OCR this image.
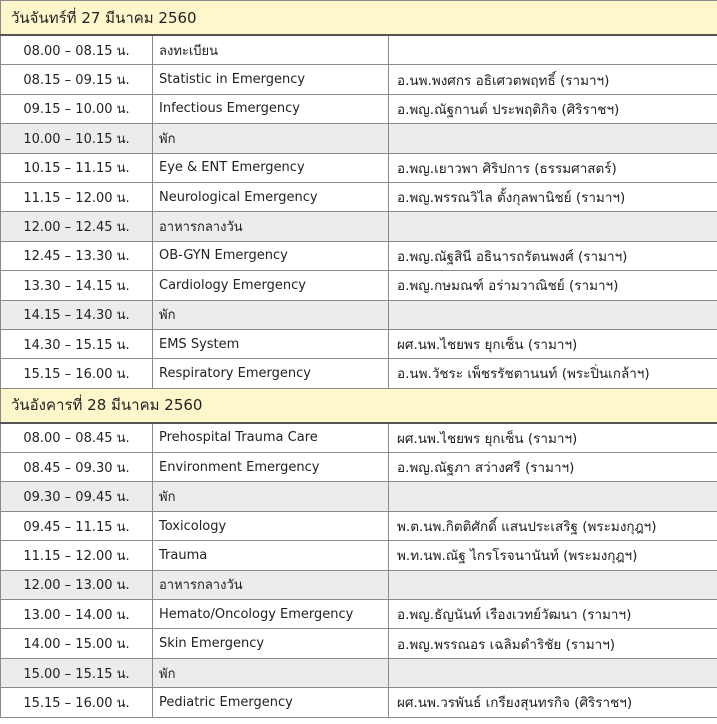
วันจันทร์ที่ 27 มีนาคม 2560		
08.00 – 08.15 น.	ลงทะเบียน	
08.15 – 09.15 น.	Statistic in Emergency	อ.นพ.พงศกร อธิเศวตพฤทธิ์ (รามาฯ)
09.15 – 10.00 น.	Infectious Emergency	อ.พญ.ณัฐกานต์ ประพฤติกิจ (ศิริราชฯ)
10.00 – 10.15 น.	พัก	
10.15 – 11.15 น.	Eye & ENT Emergency	อ.พญ.เยาวพา ศิริปการ (ธรรมศาสตร์)
11.15 – 12.00 น.	Neurological Emergency	อ.พญ.พรรณวิไล ตั้งกุลพานิชย์ (รามาฯ)
12.00 – 12.45 น.	อาหารกลางวัน	
12.45 – 13.30 น.	OB-GYN Emergency	อ.พญ.ณัฐสินี อธินารถรัตนพงศ์ (รามาฯ)
13.30 – 14.15 น.	Cardiology Emergency	อ.พญ.กษมณฑ์ อร่ามวาณิชย์ (รามาฯ)
14.15 – 14.30 น.	พัก	
14.30 – 15.15 น.	EMS System	ผศ.นพ.ไชยพร ยุกเซ็น (รามาฯ)
15.15 – 16.00 น.	Respiratory Emergency	อ.นพ.วัชระ เพ็ชรรัชตานนท์ (พระปิ่นเกล้าฯ)
วันอังคารที่ 28 มีนาคม 2560		
08.00 – 08.45 น.	Prehospital Trauma Care	ผศ.นพ.ไชยพร ยุกเซ็น (รามาฯ)
08.45 – 09.30 น.	Environment Emergency	อ.พญ.ณัฐภา สว่างศรี (รามาฯ)
09.30 – 09.45 น.	พัก	
09.45 – 11.15 น.	Toxicology	พ.ต.นพ.กิตติศักดิ์ แสนประเสริฐ (พระมงกุฎฯ)
11.15 – 12.00 น.	Trauma	พ.ท.นพ.ณัฐ ไกรโรจนานันท์ (พระมงกุฎฯ)
12.00 – 13.00 น.	อาหารกลางวัน	
13.00 – 14.00 น.	Hemato/Oncology Emergency	อ.พญ.ธัญนันท์ เรืองเวทย์วัฒนา (รามาฯ)
14.00 – 15.00 น.	Skin Emergency	อ.พญ.พรรณอร เฉลิมดำริชัย (รามาฯ)
15.00 – 15.15 น.	พัก	
15.15 – 16.00 น.	Pediatric Emergency	ผศ.นพ.วรพันธ์ เกรียงสุนทรกิจ (ศิริราชฯ)
